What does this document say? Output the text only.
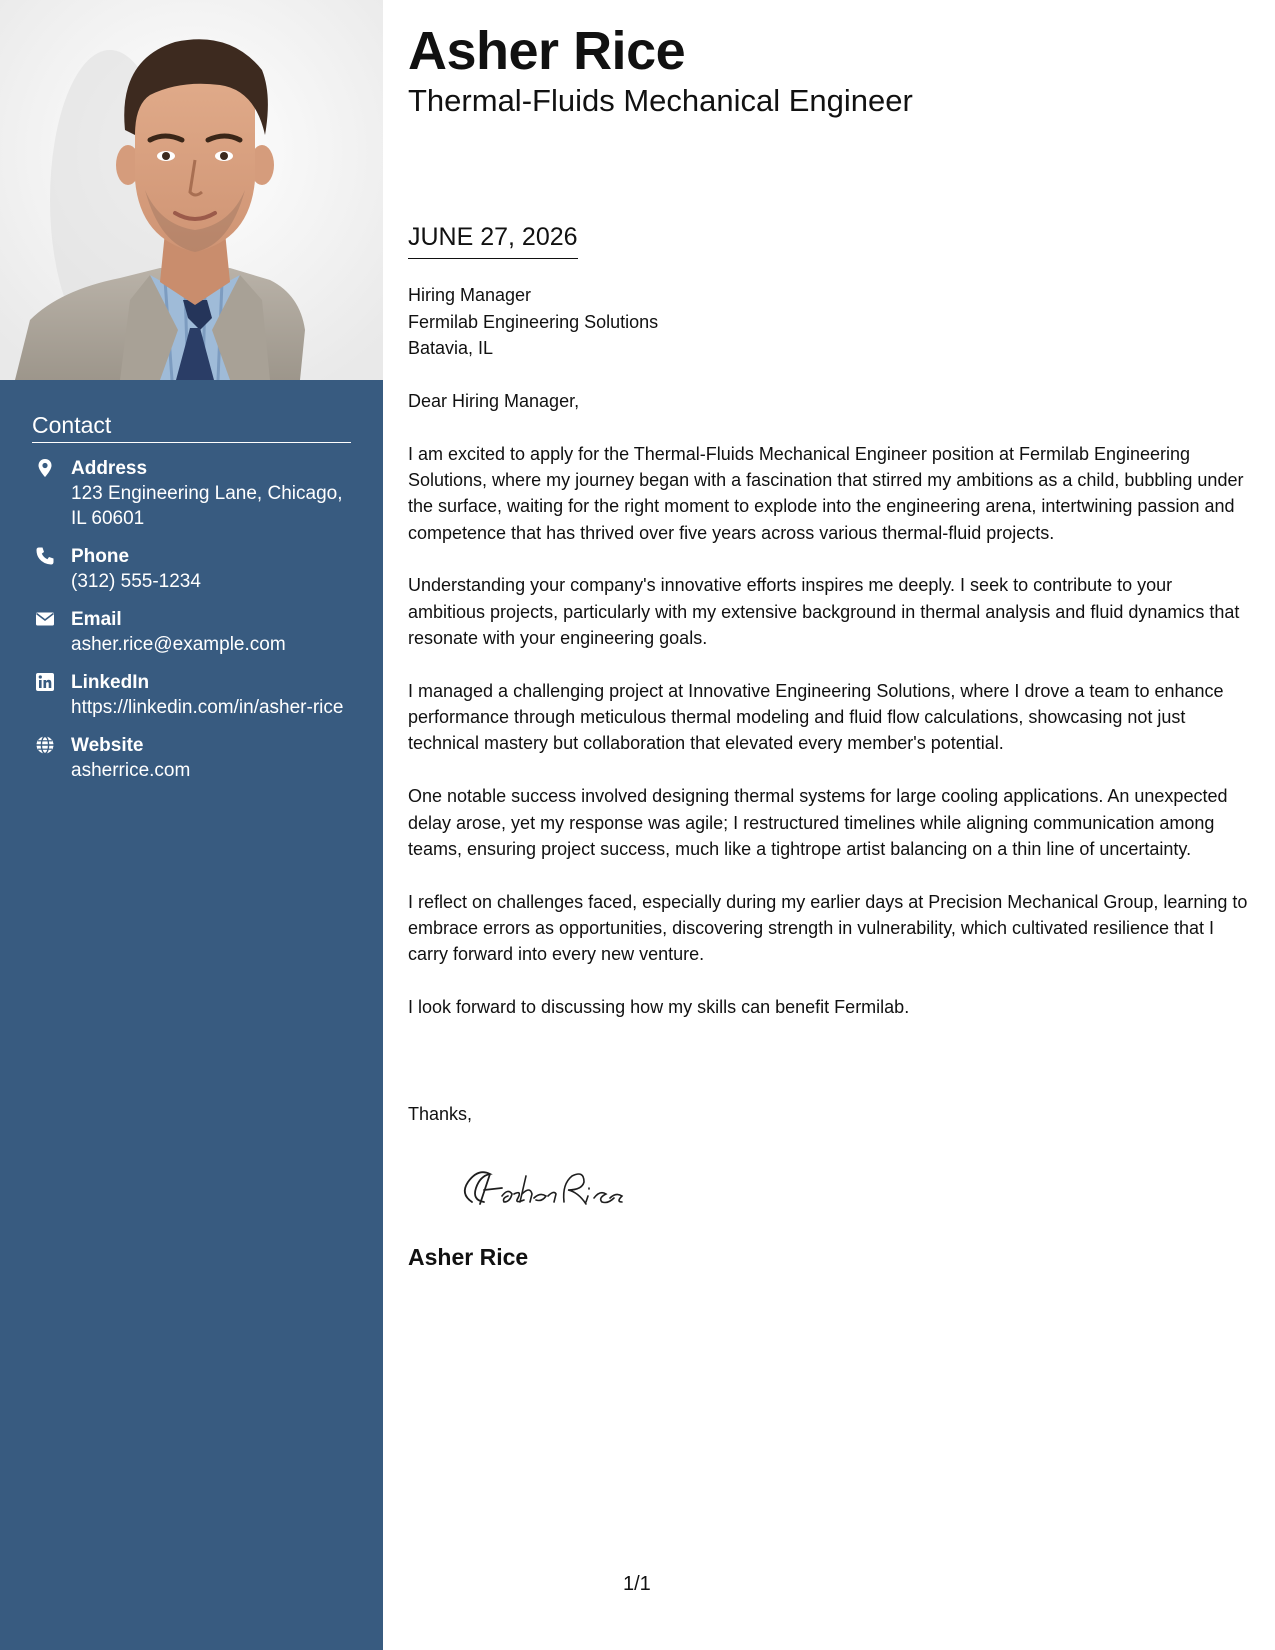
Contact
Address
123 Engineering Lane, Chicago, IL 60601
Phone
(312) 555-1234
Email
asher.rice@example.com
LinkedIn
https://linkedin.com/in/asher-rice
Website
asherrice.com
Asher Rice
Thermal-Fluids Mechanical Engineer
JUNE 27, 2026
Hiring Manager
Fermilab Engineering Solutions
Batavia, IL

Dear Hiring Manager,

I am excited to apply for the Thermal-Fluids Mechanical Engineer position at Fermilab Engineering Solutions, where my journey began with a fascination that stirred my ambitions as a child, bubbling under the surface, waiting for the right moment to explode into the engineering arena, intertwining passion and competence that has thrived over five years across various thermal-fluid projects.

Understanding your company's innovative efforts inspires me deeply. I seek to contribute to your ambitious projects, particularly with my extensive background in thermal analysis and fluid dynamics that resonate with your engineering goals.

I managed a challenging project at Innovative Engineering Solutions, where I drove a team to enhance performance through meticulous thermal modeling and fluid flow calculations, showcasing not just technical mastery but collaboration that elevated every member's potential.

One notable success involved designing thermal systems for large cooling applications. An unexpected delay arose, yet my response was agile; I restructured timelines while aligning communication among teams, ensuring project success, much like a tightrope artist balancing on a thin line of uncertainty.

I reflect on challenges faced, especially during my earlier days at Precision Mechanical Group, learning to embrace errors as opportunities, discovering strength in vulnerability, which cultivated resilience that I carry forward into every new venture.

I look forward to discussing how my skills can benefit Fermilab.

Thanks,
Asher Rice
1/1
